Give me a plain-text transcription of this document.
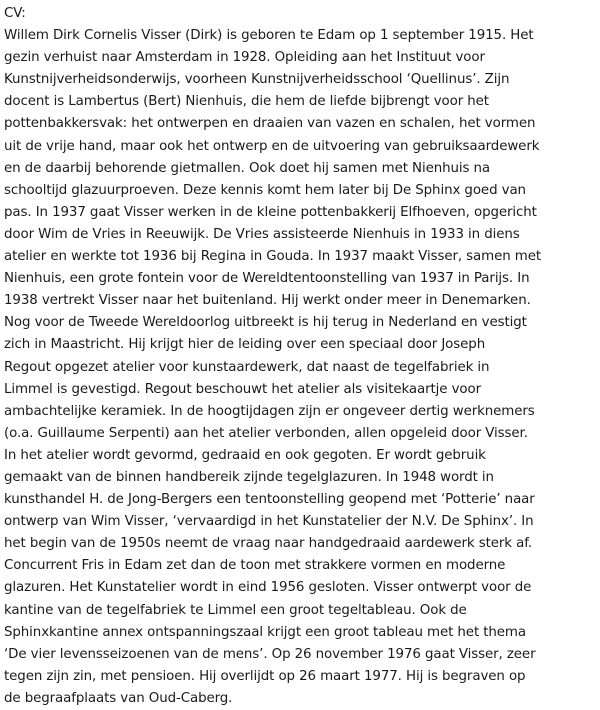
CV:

Willem Dirk Cornelis Visser (Dirk) is geboren te Edam op 1 september 1915. Het
gezin verhuist naar Amsterdam in 1928. Opleiding aan het Instituut voor
Kunstnijverheidsonderwijs, voorheen Kunstnijverheidsschool ‘Quellinus’. Zijn
docent is Lambertus (Bert) Nienhuis, die hem de liefde bijbrengt voor het
pottenbakkersvak: het ontwerpen en draaien van vazen en schalen, het vormen
uit de vrije hand, maar ook het ontwerp en de uitvoering van gebruiksaardewerk
en de daarbij behorende gietmallen. Ook doet hij samen met Nienhuis na
schooltijd glazuurproeven. Deze kennis komt hem later bij De Sphinx goed van
pas. In 1937 gaat Visser werken in de kleine pottenbakkerij Elfhoeven, opgericht
door Wim de Vries in Reeuwijk. De Vries assisteerde Nienhuis in 1933 in diens
atelier en werkte tot 1936 bij Regina in Gouda. In 1937 maakt Visser, samen met
Nienhuis, een grote fontein voor de Wereldtentoonstelling van 1937 in Parijs. In
1938 vertrekt Visser naar het buitenland. Hij werkt onder meer in Denemarken.
Nog voor de Tweede Wereldoorlog uitbreekt is hij terug in Nederland en vestigt
zich in Maastricht. Hij krijgt hier de leiding over een speciaal door Joseph
Regout opgezet atelier voor kunstaardewerk, dat naast de tegelfabriek in
Limmel is gevestigd. Regout beschouwt het atelier als visitekaartje voor
ambachtelijke keramiek. In de hoogtijdagen zijn er ongeveer dertig werknemers
(o.a. Guillaume Serpenti) aan het atelier verbonden, allen opgeleid door Visser.
In het atelier wordt gevormd, gedraaid en ook gegoten. Er wordt gebruik
gemaakt van de binnen handbereik zijnde tegelglazuren. In 1948 wordt in
kunsthandel H. de Jong-Bergers een tentoonstelling geopend met ‘Potterie’ naar
ontwerp van Wim Visser, ‘vervaardigd in het Kunstatelier der N.V. De Sphinx’. In
het begin van de 1950s neemt de vraag naar handgedraaid aardewerk sterk af.
Concurrent Fris in Edam zet dan de toon met strakkere vormen en moderne
glazuren. Het Kunstatelier wordt in eind 1956 gesloten. Visser ontwerpt voor de
kantine van de tegelfabriek te Limmel een groot tegeltableau. Ook de
Sphinxkantine annex ontspanningszaal krijgt een groot tableau met het thema
‘De vier levensseizoenen van de mens’. Op 26 november 1976 gaat Visser, zeer
tegen zijn zin, met pensioen. Hij overlijdt op 26 maart 1977. Hij is begraven op
de begraafplaats van Oud-Caberg.
